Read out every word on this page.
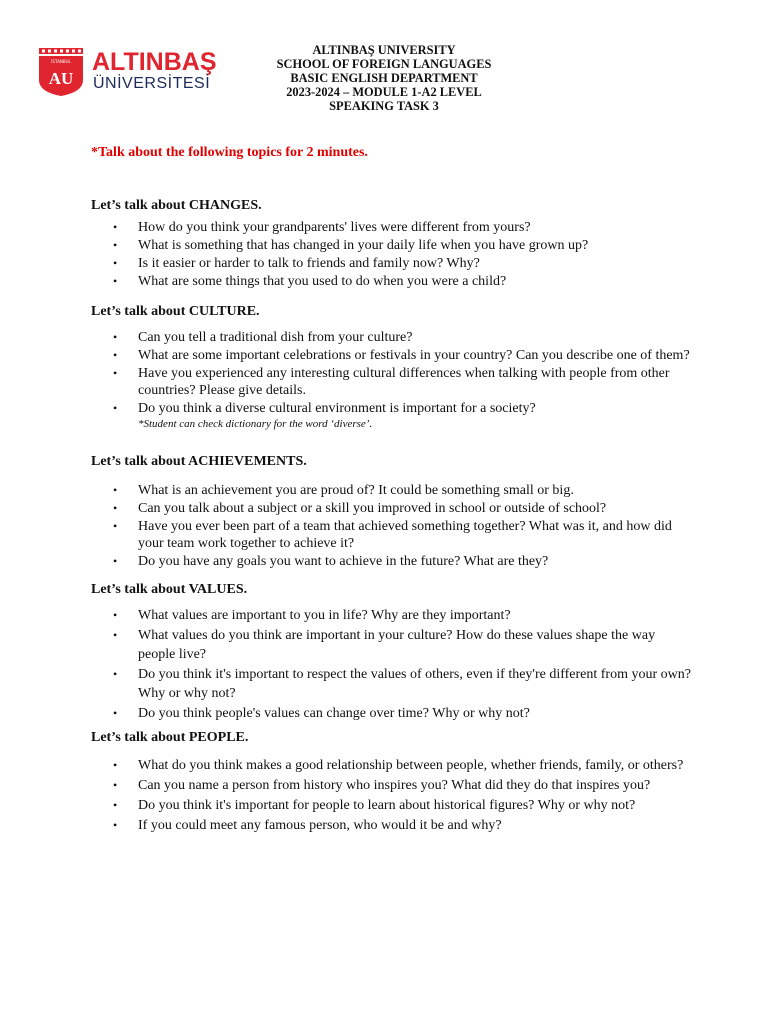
İSTANBUL
AU
ALTINBAŞ
ÜNİVERSİTESİ
ALTINBAŞ UNIVERSITY
SCHOOL OF FOREIGN LANGUAGES
BASIC ENGLISH DEPARTMENT
2023-2024 – MODULE 1-A2 LEVEL
SPEAKING TASK 3
*Talk about the following topics for 2 minutes.
Let’s talk about CHANGES.
• How do you think your grandparents' lives were different from yours?
• What is something that has changed in your daily life when you have grown up?
• Is it easier or harder to talk to friends and family now? Why?
• What are some things that you used to do when you were a child?
Let’s talk about CULTURE.
• Can you tell a traditional dish from your culture?
• What are some important celebrations or festivals in your country? Can you describe one of them?
• Have you experienced any interesting cultural differences when talking with people from other countries? Please give details.
• Do you think a diverse cultural environment is important for a society?
*Student can check dictionary for the word ‘diverse’.
Let’s talk about ACHIEVEMENTS.
• What is an achievement you are proud of? It could be something small or big.
• Can you talk about a subject or a skill you improved in school or outside of school?
• Have you ever been part of a team that achieved something together? What was it, and how did your team work together to achieve it?
• Do you have any goals you want to achieve in the future? What are they?
Let’s talk about VALUES.
• What values are important to you in life? Why are they important?
• What values do you think are important in your culture? How do these values shape the way people live?
• Do you think it's important to respect the values of others, even if they're different from your own? Why or why not?
• Do you think people's values can change over time? Why or why not?
Let’s talk about PEOPLE.
• What do you think makes a good relationship between people, whether friends, family, or others?
• Can you name a person from history who inspires you? What did they do that inspires you?
• Do you think it's important for people to learn about historical figures? Why or why not?
• If you could meet any famous person, who would it be and why?
